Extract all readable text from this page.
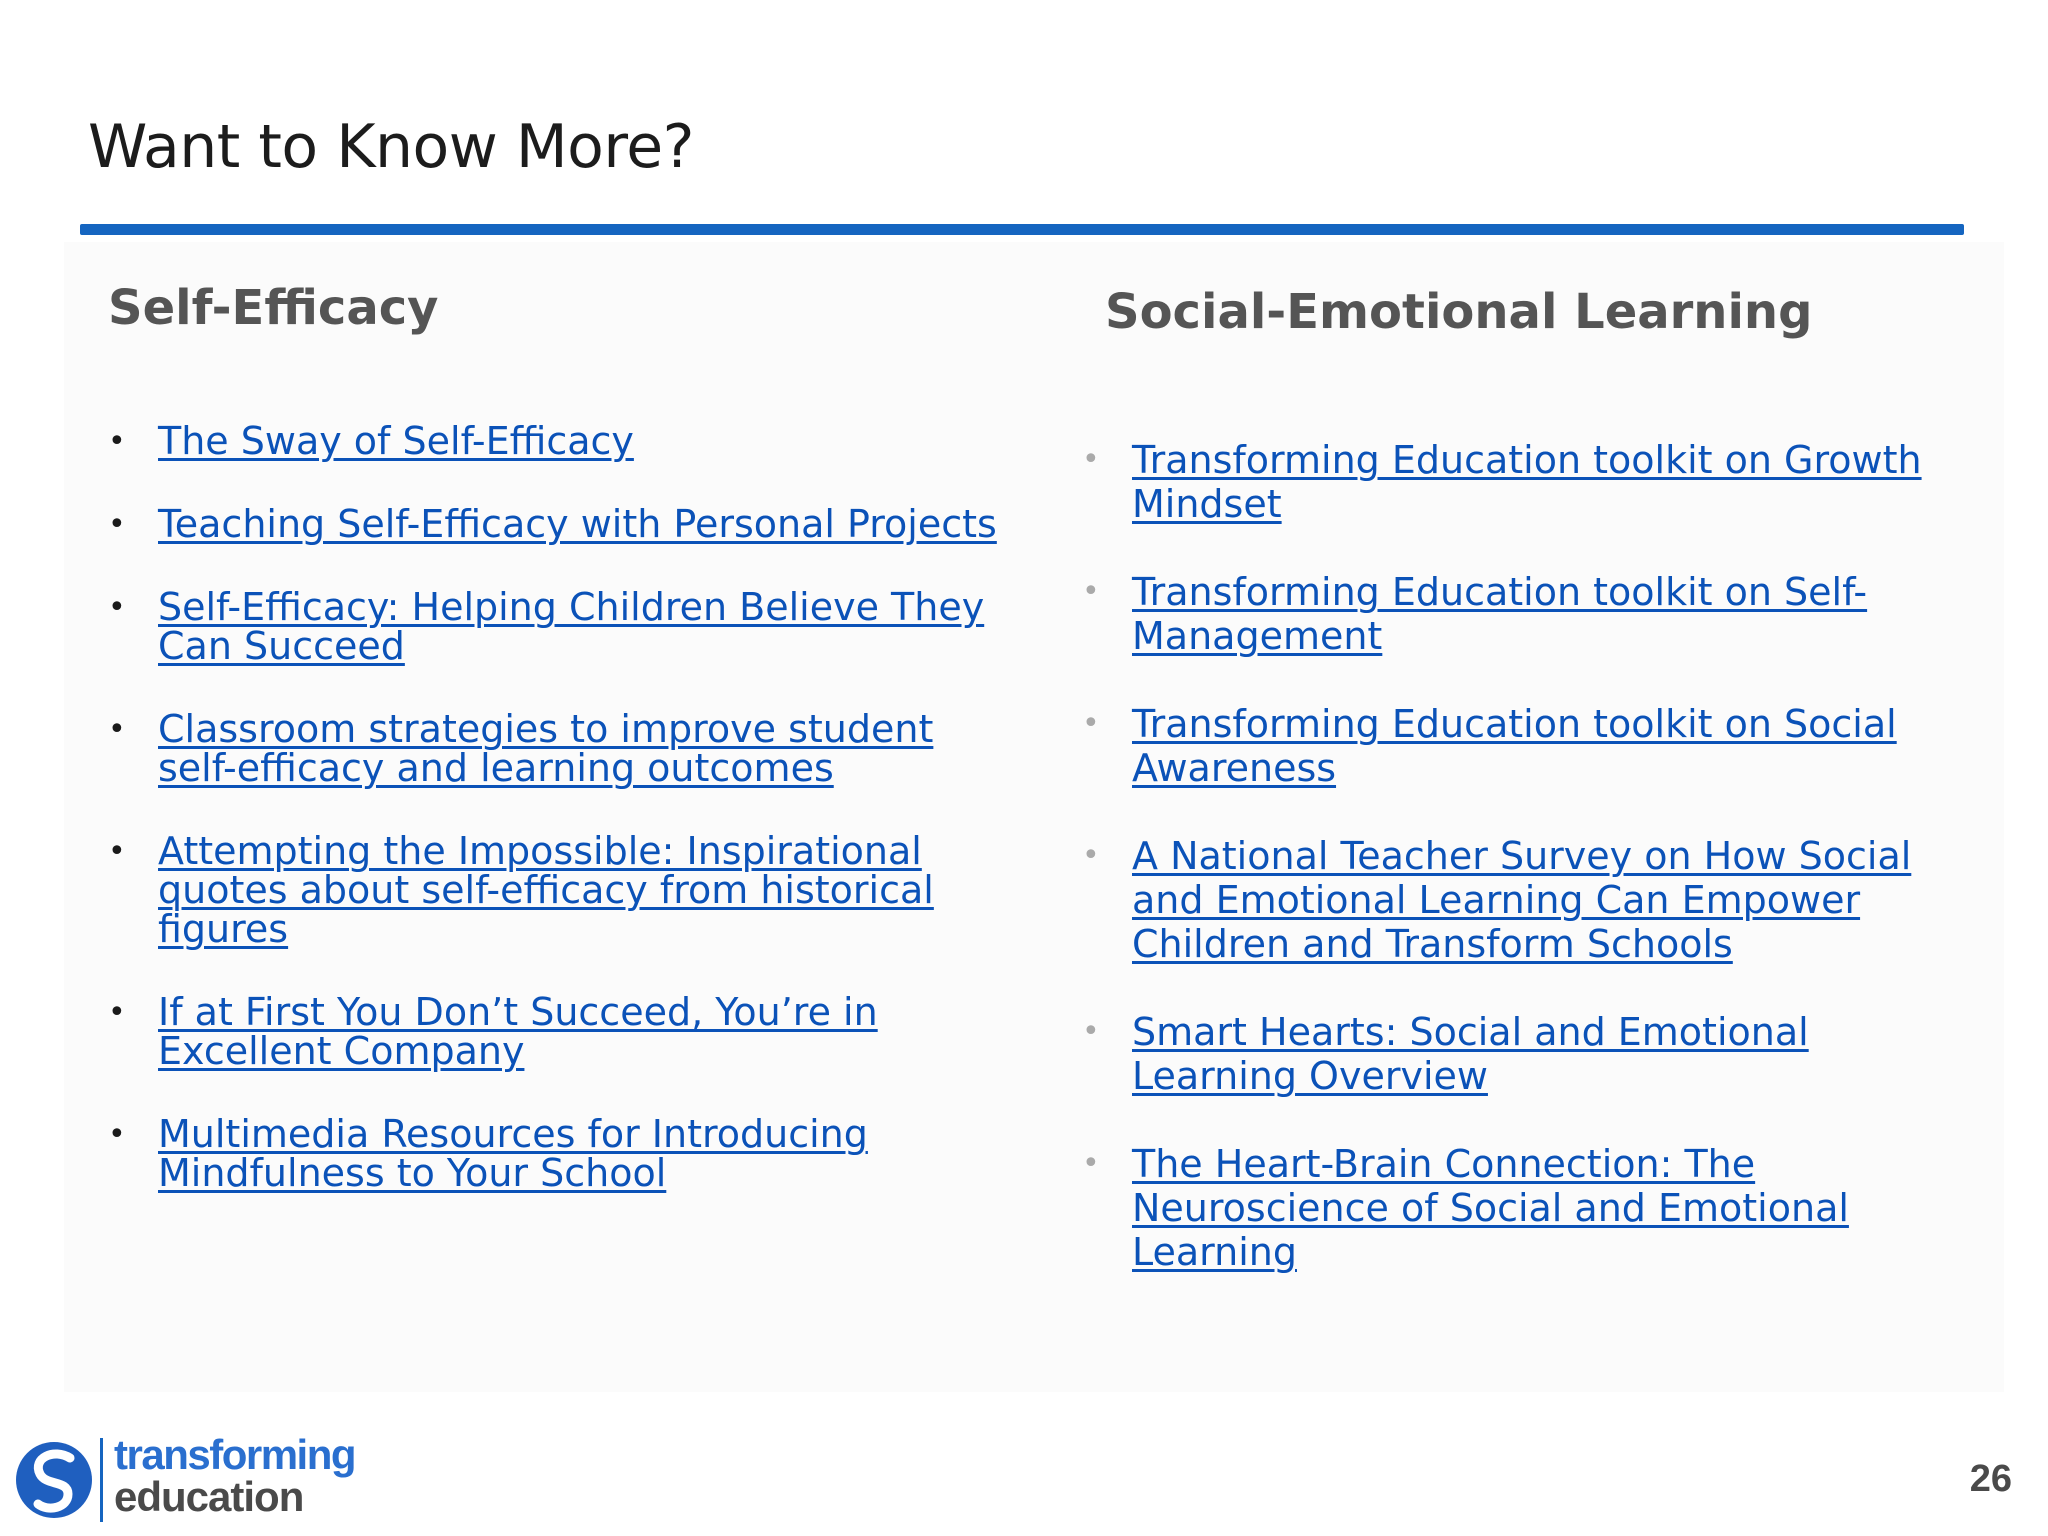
Want to Know More?
Self-Efficacy	Social-Emotional Learning
• The Sway of Self-Efficacy
• Teaching Self-Efficacy with Personal Projects
• Self-Efficacy: Helping Children Believe They Can Succeed
• Classroom strategies to improve student self-efficacy and learning outcomes
• Attempting the Impossible: Inspirational quotes about self-efficacy from historical figures
• If at First You Don’t Succeed, You’re in Excellent Company
• Multimedia Resources for Introducing Mindfulness to Your School
• Transforming Education toolkit on Growth Mindset
• Transforming Education toolkit on Self-Management
• Transforming Education toolkit on Social Awareness
• A National Teacher Survey on How Social and Emotional Learning Can Empower Children and Transform Schools
• Smart Hearts: Social and Emotional Learning Overview
• The Heart-Brain Connection: The Neuroscience of Social and Emotional Learning
transforming
education	26
